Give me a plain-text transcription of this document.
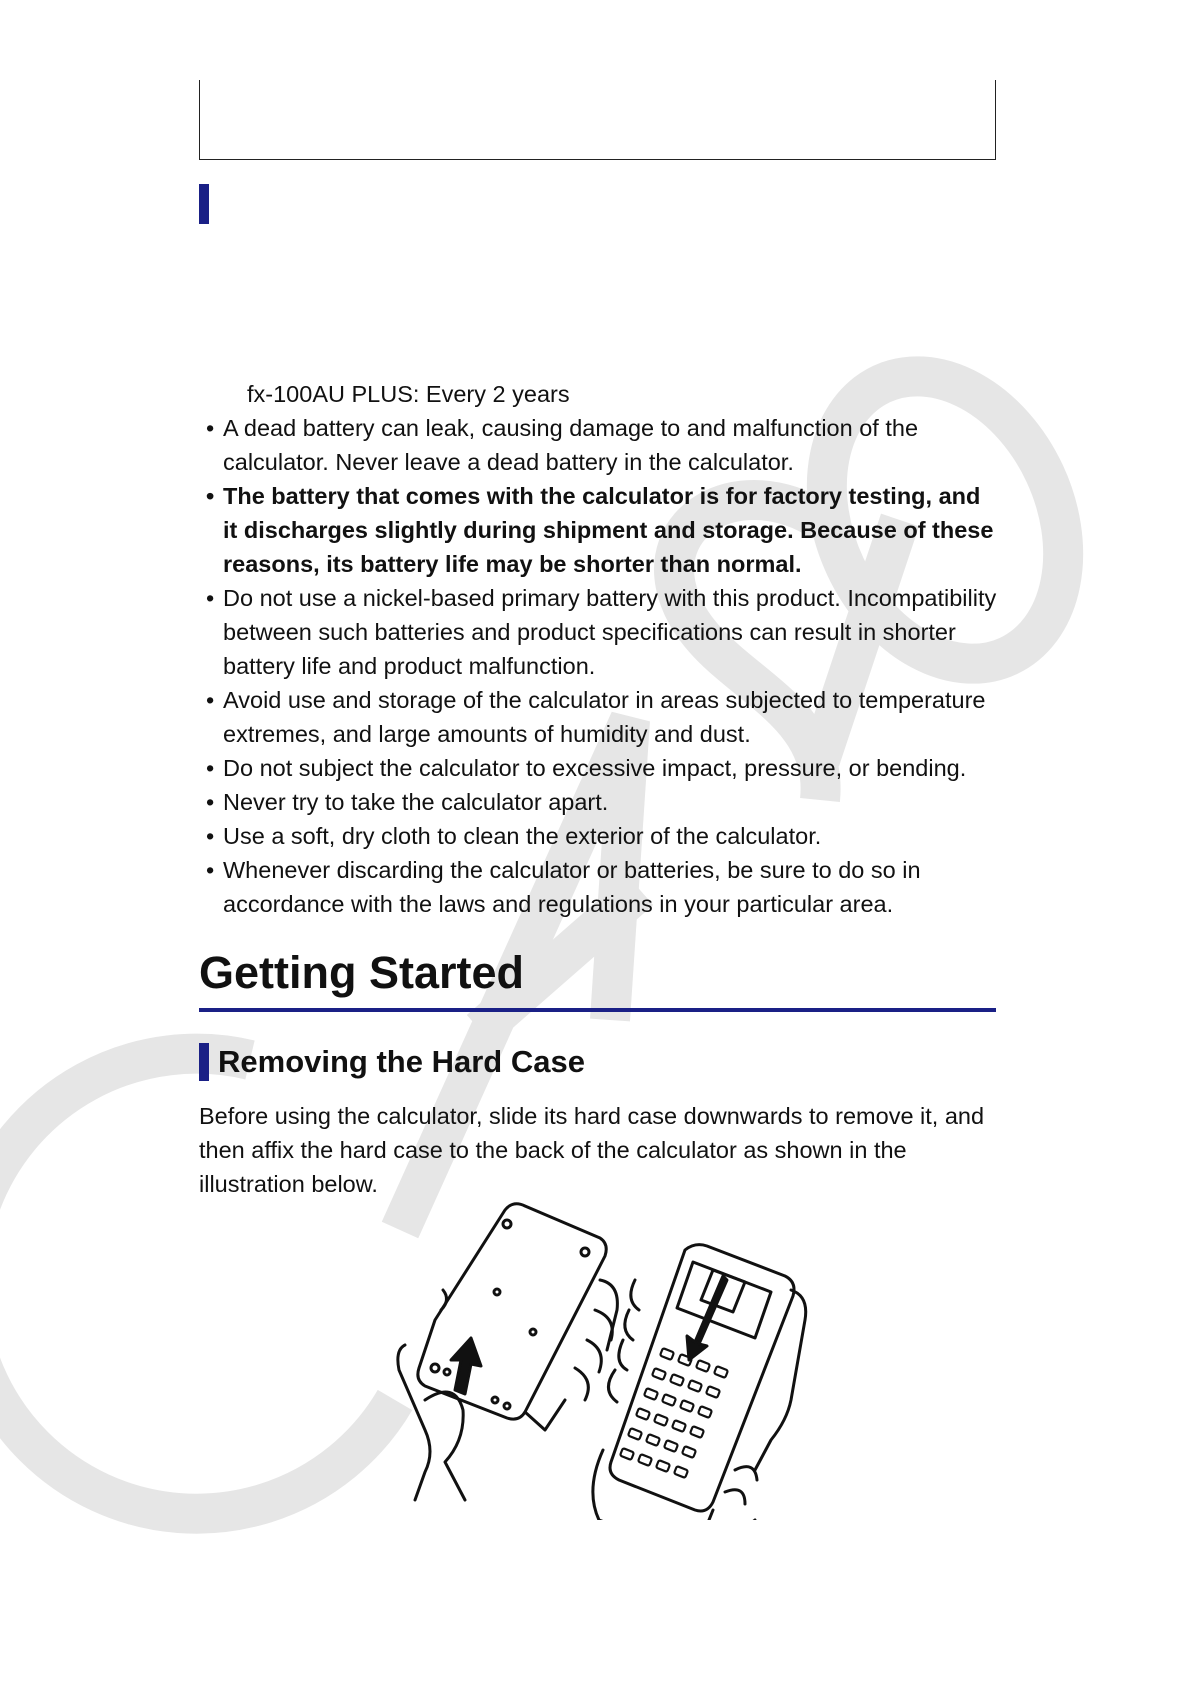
fx-100AU PLUS: Every 2 years

• A dead battery can leak, causing damage to and malfunction of the calculator. Never leave a dead battery in the calculator.
• The battery that comes with the calculator is for factory testing, and it discharges slightly during shipment and storage. Because of these reasons, its battery life may be shorter than normal.
• Do not use a nickel-based primary battery with this product. Incompatibility between such batteries and product specifications can result in shorter battery life and product malfunction.
• Avoid use and storage of the calculator in areas subjected to temperature extremes, and large amounts of humidity and dust.
• Do not subject the calculator to excessive impact, pressure, or bending.
• Never try to take the calculator apart.
• Use a soft, dry cloth to clean the exterior of the calculator.
• Whenever discarding the calculator or batteries, be sure to do so in accordance with the laws and regulations in your particular area.
Getting Started
Removing the Hard Case

Before using the calculator, slide its hard case downwards to remove it, and then affix the hard case to the back of the calculator as shown in the illustration below.
